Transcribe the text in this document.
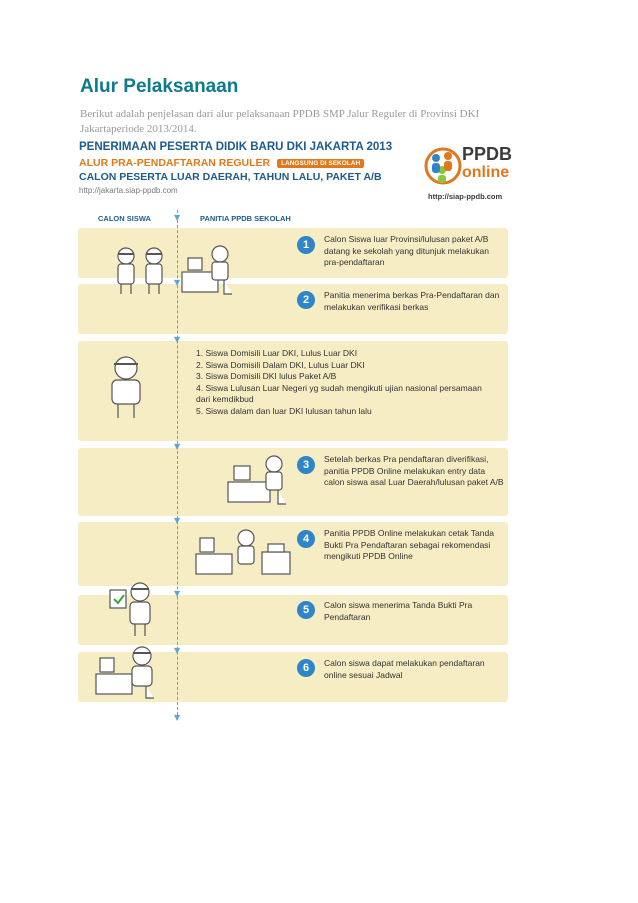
Alur Pelaksanaan

Berikut adalah penjelasan dari alur pelaksanaan PPDB SMP Jalur Reguler di Provinsi DKI Jakartaperiode 2013/2014.

PENERIMAAN PESERTA DIDIK BARU DKI JAKARTA 2013
ALUR PRA-PENDAFTARAN REGULER LANGSUNG DI SEKOLAH
CALON PESERTA LUAR DAERAH, TAHUN LALU, PAKET A/B
http://jakarta.siap-ppdb.com
PPDB
online
http://siap-ppdb.com
CALON SISWA	PANITIA PPDB SEKOLAH
▼
▼
▼
▼
▼
▼
▼
▼
1	Calon Siswa luar Provinsi/lulusan paket A/B datang ke sekolah yang ditunjuk melakukan pra-pendaftaran
2	Panitia menerima berkas Pra-Pendaftaran dan melakukan verifikasi berkas
1. Siswa Domisili Luar DKI, Lulus Luar DKI
2. Siswa Domisili Dalam DKI, Lulus Luar DKI
3. Siswa Domisili DKI lulus Paket A/B
4. Siswa Lulusan Luar Negeri yg sudah mengikuti ujian nasional persamaan dari kemdikbud
5. Siswa dalam dan luar DKI lulusan tahun lalu
3	Setelah berkas Pra pendaftaran diverifikasi, panitia PPDB Online melakukan entry data calon siswa asal Luar Daerah/lulusan paket A/B
4	Panitia PPDB Online melakukan cetak Tanda Bukti Pra Pendaftaran sebagai rekomendasi mengikuti PPDB Online
5	Calon siswa menerima Tanda Bukti Pra Pendaftaran
6	Calon siswa dapat melakukan pendaftaran online sesuai Jadwal
